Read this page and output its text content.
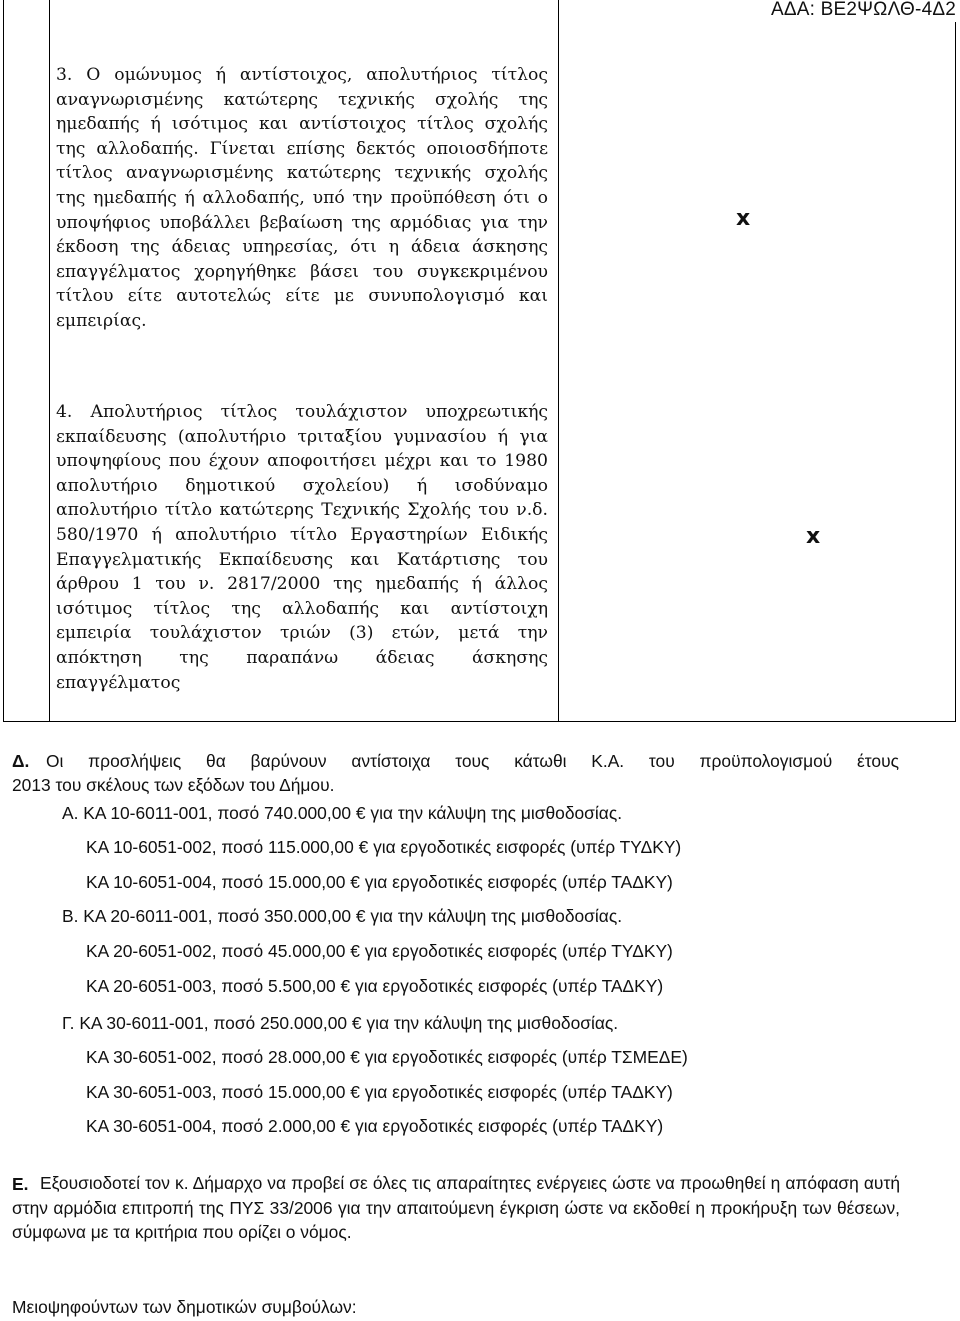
ΑΔΑ: ΒΕ2ΨΩΛΘ-4Δ2
3. Ο ομώνυμος ή αντίστοιχος, απολυτήριος τίτλος αναγνωρισμένης κατώτερης τεχνικής σχολής της ημεδαπής ή ισότιμος και αντίστοιχος τίτλος σχολής της αλλοδαπής. Γίνεται επίσης δεκτός οποιοσδήποτε τίτλος αναγνωρισμένης κατώτερης τεχνικής σχολής της ημεδαπής ή αλλοδαπής, υπό την προϋπόθεση ότι ο υποψήφιος υποβάλλει βεβαίωση της αρμόδιας για την έκδοση της άδειας υπηρεσίας, ότι η άδεια άσκησης επαγγέλματος χορηγήθηκε βάσει του συγκεκριμένου τίτλου είτε αυτοτελώς είτε με συνυπολογισμό και εμπειρίας.
x
4. Απολυτήριος τίτλος τουλάχιστον υποχρεωτικής εκπαίδευσης (απολυτήριο τριταξίου γυμνασίου ή για υποψηφίους που έχουν αποφοιτήσει μέχρι και το 1980 απολυτήριο δημοτικού σχολείου) ή ισοδύναμο απολυτήριο τίτλο κατώτερης Τεχνικής Σχολής του ν.δ. 580/1970 ή απολυτήριο τίτλο Εργαστηρίων Ειδικής Επαγγελματικής Εκπαίδευσης και Κατάρτισης του άρθρου 1 του ν. 2817/2000 της ημεδαπής ή άλλος ισότιμος τίτλος της αλλοδαπής και αντίστοιχη εμπειρία τουλάχιστον τριών (3) ετών, μετά την απόκτηση της παραπάνω άδειας άσκησης επαγγέλματος
x
Δ. Οι προσλήψεις θα βαρύνουν αντίστοιχα τους κάτωθι Κ.Α. του προϋπολογισμού έτους
2013 του σκέλους των εξόδων του Δήμου.
A. ΚΑ 10-6011-001, ποσό 740.000,00 € για την κάλυψη της μισθοδοσίας.
ΚΑ 10-6051-002, ποσό 115.000,00 € για εργοδοτικές εισφορές (υπέρ ΤΥΔΚΥ)
ΚΑ 10-6051-004, ποσό 15.000,00 € για εργοδοτικές εισφορές (υπέρ ΤΑΔΚΥ)
Β. ΚΑ 20-6011-001, ποσό 350.000,00 € για την κάλυψη της μισθοδοσίας.
ΚΑ 20-6051-002, ποσό 45.000,00 € για εργοδοτικές εισφορές (υπέρ ΤΥΔΚΥ)
ΚΑ 20-6051-003, ποσό 5.500,00 € για εργοδοτικές εισφορές (υπέρ ΤΑΔΚΥ)
Γ. ΚΑ 30-6011-001, ποσό 250.000,00 € για την κάλυψη της μισθοδοσίας.
ΚΑ 30-6051-002, ποσό 28.000,00 € για εργοδοτικές εισφορές (υπέρ ΤΣΜΕΔΕ)
ΚΑ 30-6051-003, ποσό 15.000,00 € για εργοδοτικές εισφορές (υπέρ ΤΑΔΚΥ)
ΚΑ 30-6051-004, ποσό 2.000,00 € για εργοδοτικές εισφορές (υπέρ ΤΑΔΚΥ)
Ε. Εξουσιοδοτεί τον κ. Δήμαρχο να προβεί σε όλες τις απαραίτητες ενέργειες ώστε να προωθηθεί η απόφαση αυτή στην αρμόδια επιτροπή της ΠΥΣ 33/2006 για την απαιτούμενη έγκριση ώστε να εκδοθεί η προκήρυξη των θέσεων, σύμφωνα με τα κριτήρια που ορίζει ο νόμος.
Μειοψηφούντων των δημοτικών συμβούλων:
